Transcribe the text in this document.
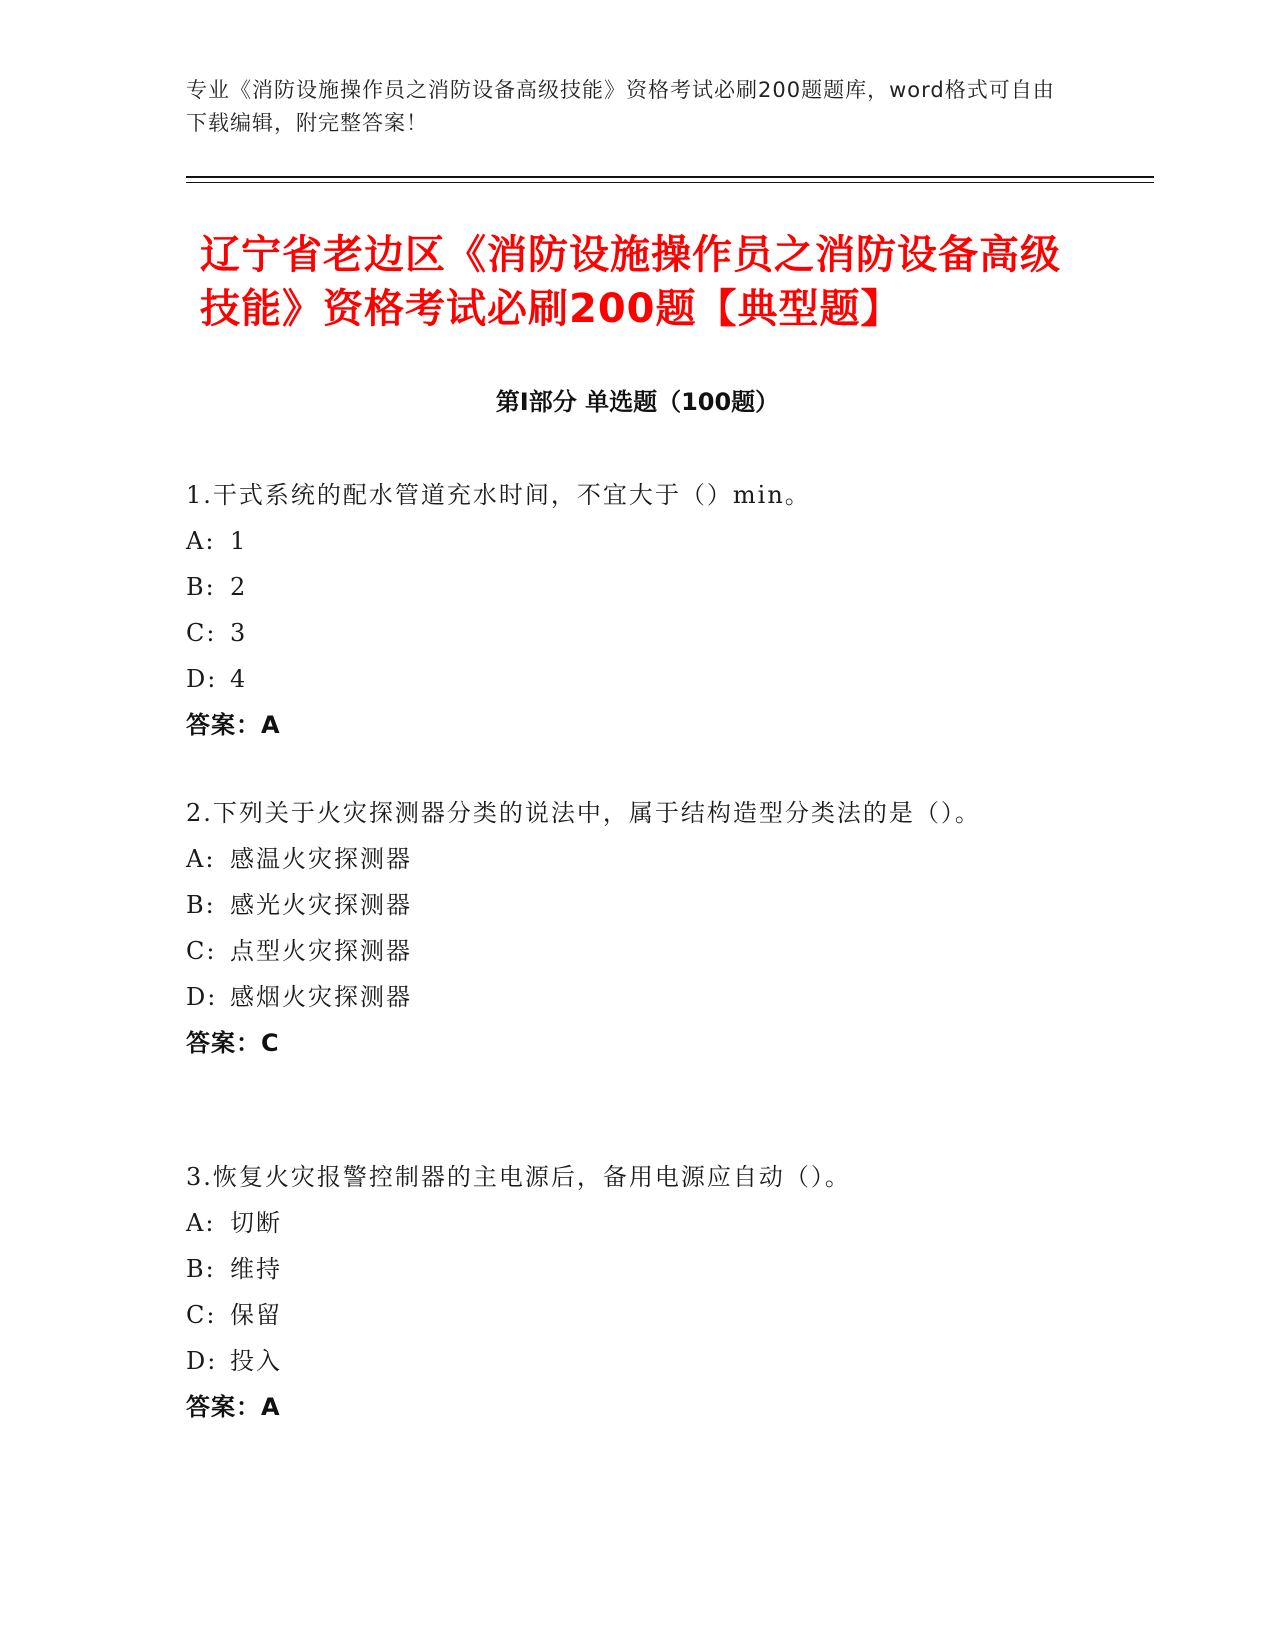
专业《消防设施操作员之消防设备高级技能》资格考试必刷200题题库，word格式可自由下载编辑，附完整答案！
辽宁省老边区《消防设施操作员之消防设备高级技能》资格考试必刷200题【典型题】
第Ⅰ部分 单选题（100题）
1.干式系统的配水管道充水时间，不宜大于（）min。
A: 1
B: 2
C: 3
D: 4
答案：A
2.下列关于火灾探测器分类的说法中，属于结构造型分类法的是（）。
A: 感温火灾探测器
B: 感光火灾探测器
C: 点型火灾探测器
D: 感烟火灾探测器
答案：C
3.恢复火灾报警控制器的主电源后，备用电源应自动（）。
A: 切断
B: 维持
C: 保留
D: 投入
答案：A
